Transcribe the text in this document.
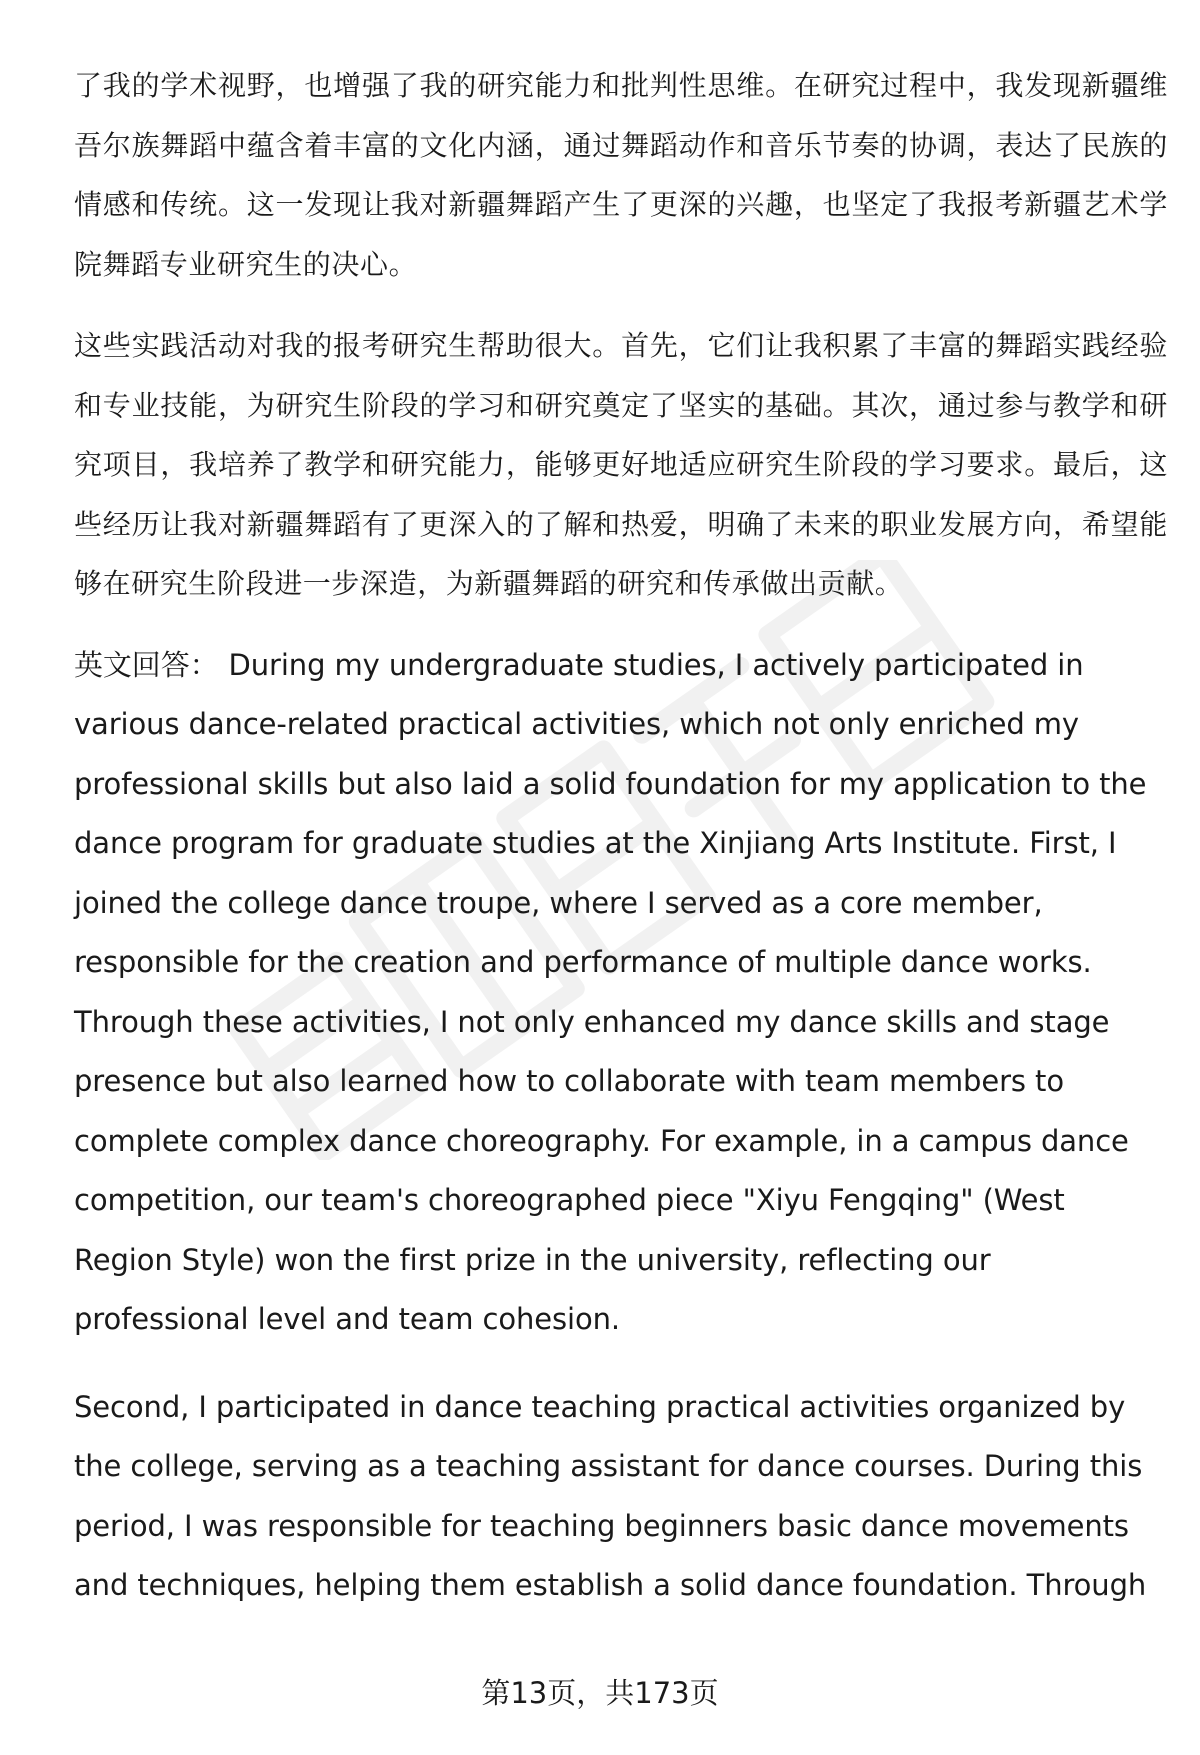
了我的学术视野，也增强了我的研究能力和批判性思维。在研究过程中，我发现新疆维吾尔族舞蹈中蕴含着丰富的文化内涵，通过舞蹈动作和音乐节奏的协调，表达了民族的情感和传统。这一发现让我对新疆舞蹈产生了更深的兴趣，也坚定了我报考新疆艺术学院舞蹈专业研究生的决心。

这些实践活动对我的报考研究生帮助很大。首先，它们让我积累了丰富的舞蹈实践经验和专业技能，为研究生阶段的学习和研究奠定了坚实的基础。其次，通过参与教学和研究项目，我培养了教学和研究能力，能够更好地适应研究生阶段的学习要求。最后，这些经历让我对新疆舞蹈有了更深入的了解和热爱，明确了未来的职业发展方向，希望能够在研究生阶段进一步深造，为新疆舞蹈的研究和传承做出贡献。

英文回答： During my undergraduate studies, I actively participated in various dance-related practical activities, which not only enriched my professional skills but also laid a solid foundation for my application to the dance program for graduate studies at the Xinjiang Arts Institute. First, I joined the college dance troupe, where I served as a core member, responsible for the creation and performance of multiple dance works. Through these activities, I not only enhanced my dance skills and stage presence but also learned how to collaborate with team members to complete complex dance choreography. For example, in a campus dance competition, our team's choreographed piece "Xiyu Fengqing" (West Region Style) won the first prize in the university, reflecting our professional level and team cohesion.

Second, I participated in dance teaching practical activities organized by the college, serving as a teaching assistant for dance courses. During this period, I was responsible for teaching beginners basic dance movements and techniques, helping them establish a solid dance foundation. Through

第13页，共173页
